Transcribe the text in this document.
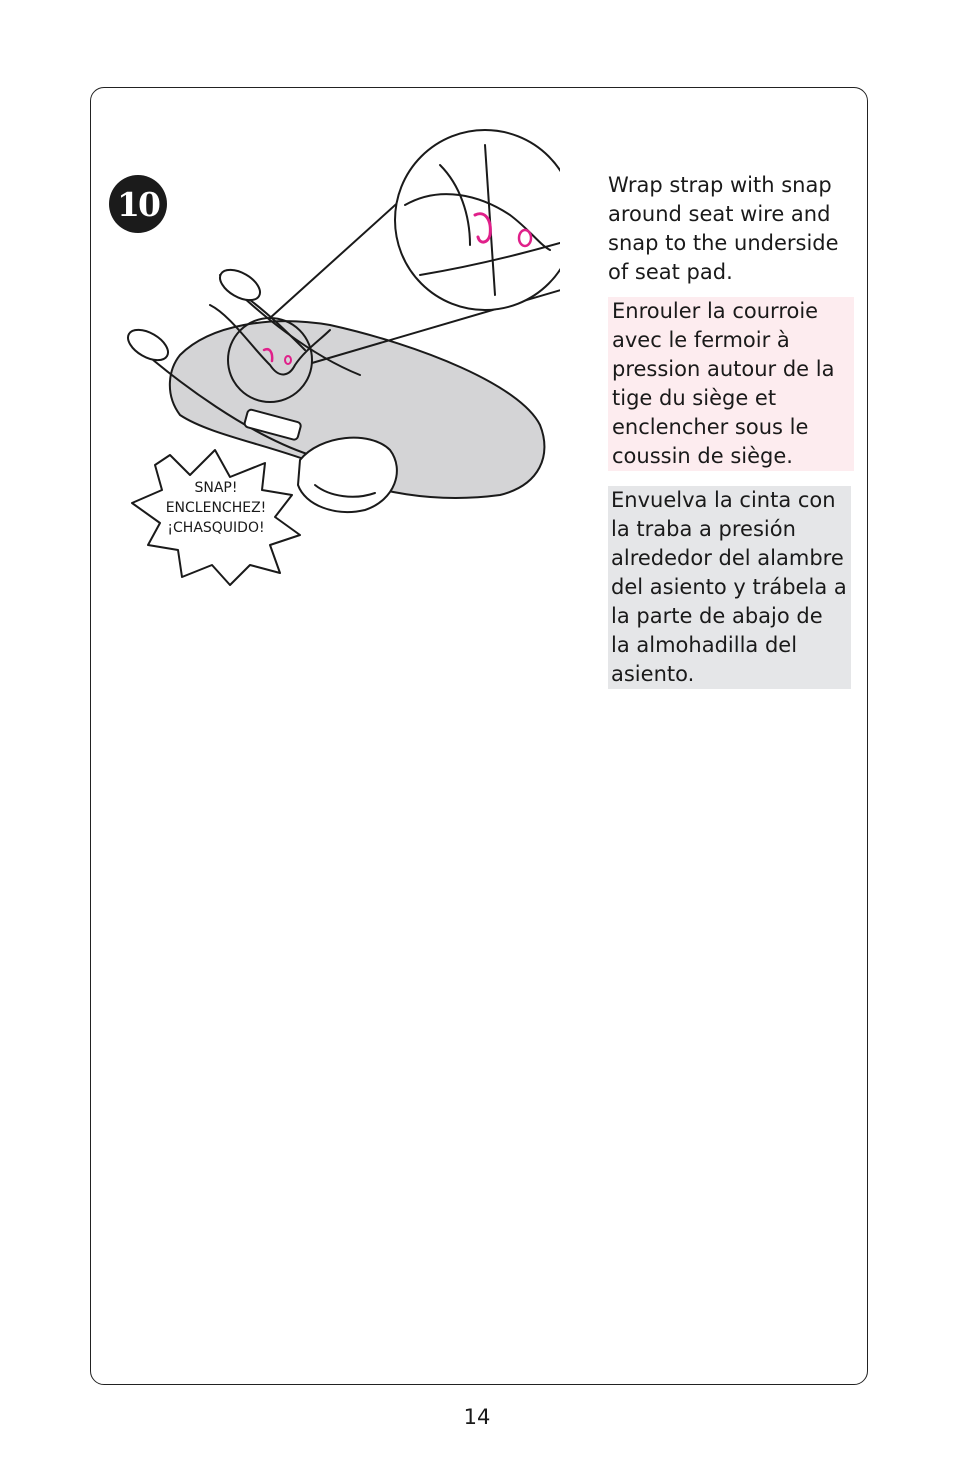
10
SNAP!
ENCLENCHEZ!
¡CHASQUIDO!
Wrap strap with snap
around seat wire and
snap to the underside
of seat pad.
Enrouler la courroie
avec le fermoir à
pression autour de la
tige du siège et
enclencher sous le
coussin de siège.
Envuelva la cinta con
la traba a presión
alrededor del alambre
del asiento y trábela a
la parte de abajo de
la almohadilla del
asiento.
14
